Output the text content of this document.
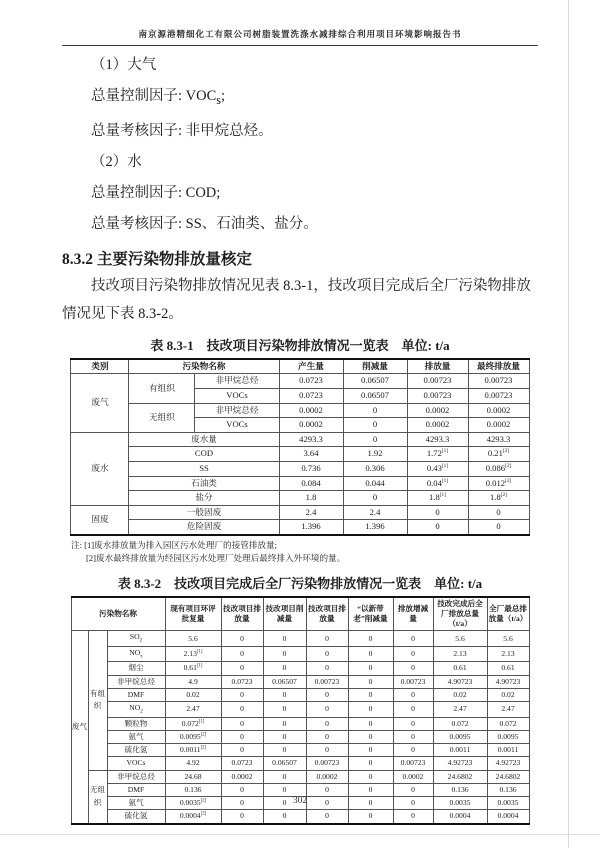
南京源港精细化工有限公司树脂装置洗涤水减排综合利用项目环境影响报告书

（1）大气

总量控制因子: $VOC_s$;

总量考核因子: 非甲烷总烃。

（2）水

总量控制因子: COD;

总量考核因子: SS、石油类、盐分。

8.3.2 主要污染物排放量核定

技改项目污染物排放情况见表 8.3-1，技改项目完成后全厂污染物排放情况见下表 8.3-2。

表 8.3-1　技改项目污染物排放情况一览表　单位: t/a
类别	污染物名称		产生量	削减量	排放量	最终排放量
废气	有组织	非甲烷总烃	0.0723	0.06507	0.00723	0.00723
		VOCs	0.0723	0.06507	0.00723	0.00723
	无组织	非甲烷总烃	0.0002	0	0.0002	0.0002
		VOCs	0.0002	0	0.0002	0.0002
废水	废水量		4293.3	0	4293.3	4293.3
	COD		3.64	1.92	1.72[1]	0.21[2]
	SS		0.736	0.306	0.43[1]	0.086[2]
	石油类		0.084	0.044	0.04[1]	0.012[2]
	盐分		1.8	0	1.8[1]	1.8[2]
固废	一般固废		2.4	2.4	0	0
	危险固废		1.396	1.396	0	0
注: [1]废水排放量为排入园区污水处理厂的接管排放量;
[2]废水最终排放量为经园区污水处理厂处理后最终排入外环境的量。
表 8.3-2　技改项目完成后全厂污染物排放情况一览表　单位: t/a
污染物名称			现有项目环评批复量	技改项目排放量	技改项目削减量	技改项目排放量	“以新带老”削减量	排放增减量	技改完成后全厂排放总量（t/a）	全厂最总排放量（t/a）
废气	有组织	$SO_2$	5.6	0	0	0	0	0	5.6	5.6
		$NO_x$	2.13[1]	0	0	0	0	0	2.13	2.13
		烟尘	0.61[1]	0	0	0	0	0	0.61	0.61
		非甲烷总烃	4.9	0.0723	0.06507	0.00723	0	0.00723	4.90723	4.90723
		DMF	0.02	0	0	0	0	0	0.02	0.02
		$NO_2$	2.47	0	0	0	0	0	2.47	2.47
		颗粒物	0.072[1]	0	0	0	0	0	0.072	0.072
		氨气	0.0095[2]	0	0	0	0	0	0.0095	0.0095
		硫化氢	0.0011[2]	0	0	0	0	0	0.0011	0.0011
		VOCs	4.92	0.0723	0.06507	0.00723	0	0.00723	4.92723	4.92723
	无组织	非甲烷总烃	24.68	0.0002	0	0.0002	0	0.0002	24.6802	24.6802
		DMF	0.136	0	0	0	0	0	0.136	0.136
		氨气	0.0035[2]	0	0	0	0	0	0.0035	0.0035
		硫化氢	0.0004[2]	0	0	0	0	0	0.0004	0.0004
302
